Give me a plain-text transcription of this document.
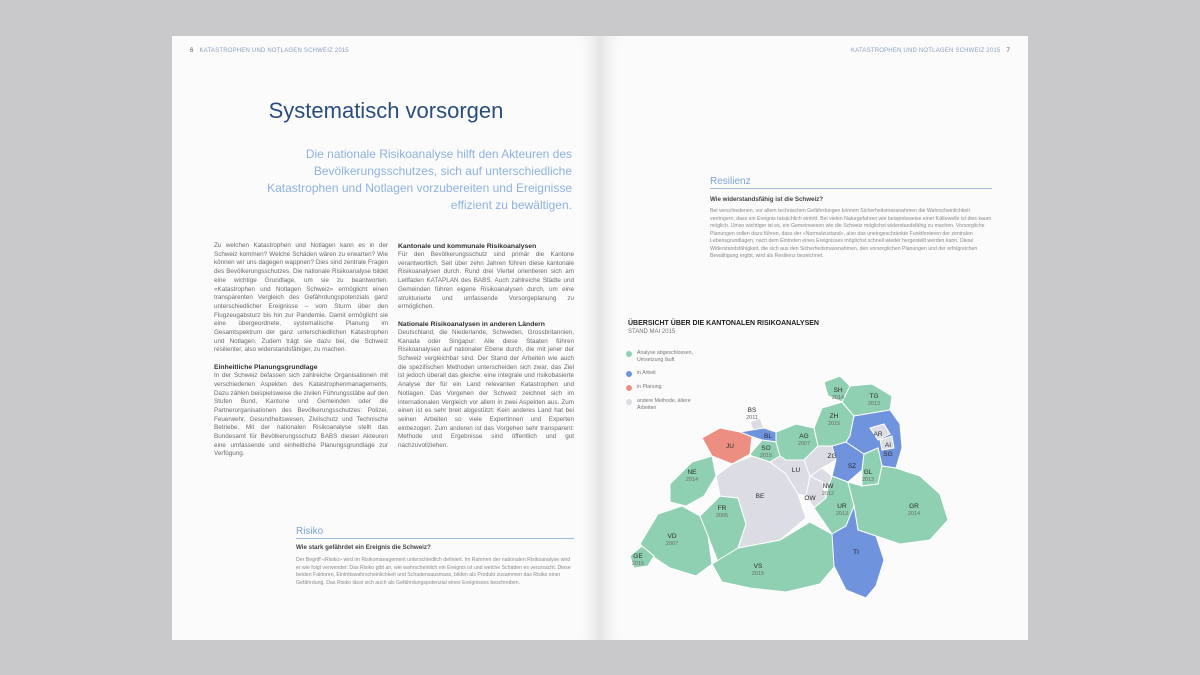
6 KATASTROPHEN UND NOTLAGEN SCHWEIZ 2015
Systematisch vorsorgen
Die nationale Risikoanalyse hilft den Akteuren des Bevölkerungsschutzes, sich auf unterschiedliche Katastrophen und Notlagen vorzubereiten und Ereignisse effizient zu bewältigen.

Zu welchen Katastrophen und Notlagen kann es in der Schweiz kommen? Welche Schäden wären zu erwarten? Wie können wir uns dagegen wappnen? Dies sind zentrale Fragen des Bevölkerungsschutzes. Die nationale Risikoanalyse bildet eine wichtige Grundlage, um sie zu beantworten. «Katastrophen und Notlagen Schweiz» ermöglicht einen transparenten Vergleich des Gefährdungspotenzials ganz unterschiedlicher Ereignisse – vom Sturm über den Flugzeugabsturz bis hin zur Pandemie. Damit ermöglicht sie eine übergeordnete, systematische Planung im Gesamtspektrum der ganz unterschiedlichen Katastrophen und Notlagen. Zudem trägt sie dazu bei, die Schweiz resilienter, also widerstandsfähiger, zu machen.

Einheitliche Planungsgrundlage

In der Schweiz befassen sich zahlreiche Organisationen mit verschiedenen Aspekten des Katastrophenmanagements. Dazu zählen beispielsweise die zivilen Führungsstäbe auf den Stufen Bund, Kantone und Gemeinden oder die Partnerorganisationen des Bevölkerungsschutzes: Polizei, Feuerwehr, Gesundheitswesen, Zivilschutz und Technische Betriebe. Mit der nationalen Risikoanalyse stellt das Bundesamt für Bevölkerungsschutz BABS diesen Akteuren eine umfassende und einheitliche Planungsgrundlage zur Verfügung.

Kantonale und kommunale Risikoanalysen

Für den Bevölkerungsschutz sind primär die Kantone verantwortlich. Seit über zehn Jahren führen diese kantonale Risikoanalysen durch. Rund drei Viertel orientieren sich am Leitfaden KATAPLAN des BABS. Auch zahlreiche Städte und Gemeinden führen eigene Risikoanalysen durch, um eine strukturierte und umfassende Vorsorgeplanung zu ermöglichen.

Nationale Risikoanalysen in anderen Ländern

Deutschland, die Niederlande, Schweden, Grossbritannien, Kanada oder Singapur: Alle diese Staaten führen Risikoanalysen auf nationaler Ebene durch, die mit jener der Schweiz vergleichbar sind. Der Stand der Arbeiten wie auch die spezifischen Methoden unterscheiden sich zwar, das Ziel ist jedoch überall das gleiche: eine integrale und risikobasierte Analyse der für ein Land relevanten Katastrophen und Notlagen. Das Vorgehen der Schweiz zeichnet sich im internationalen Vergleich vor allem in zwei Aspekten aus. Zum einen ist es sehr breit abgestützt: Kein anderes Land hat bei seinen Arbeiten so viele Expertinnen und Experten einbezogen. Zum anderen ist das Vorgehen sehr transparent: Methode und Ergebnisse sind öffentlich und gut nachzuvollziehen.

Risiko
Wie stark gefährdet ein Ereignis die Schweiz?
Der Begriff «Risiko» wird im Risikomanagement unterschiedlich definiert. Im Rahmen der nationalen Risikoanalyse wird er wie folgt verwendet: Das Risiko gibt an, wie wahrscheinlich ein Ereignis ist und welche Schäden es verursacht. Diese beiden Faktoren, Eintrittswahrscheinlichkeit und Schadensausmass, bilden als Produkt zusammen das Risiko einer Gefährdung. Das Risiko lässt sich auch als Gefährdungspotenzial eines Ereignisses beschreiben.
KATASTROPHEN UND NOTLAGEN SCHWEIZ 2015 7
Resilienz
Wie widerstandsfähig ist die Schweiz?
Bei verschiedenen, vor allem technischen Gefährdungen können Sicherheitsmassnahmen die Wahrscheinlichkeit verringern, dass ein Ereignis tatsächlich eintritt. Bei vielen Naturgefahren wie beispielsweise einer Kältewelle ist dies kaum möglich. Umso wichtiger ist es, ein Gemeinwesen wie die Schweiz möglichst widerstandsfähig zu machen. Vorsorgliche Planungen sollen dazu führen, dass der «Normalzustand», also das uneingeschränkte Funktionieren der zentralen Lebensgrundlagen, nach dem Eintreten eines Ereignisses möglichst schnell wieder hergestellt werden kann. Diese Widerstandsfähigkeit, die sich aus den Sicherheitsmassnahmen, den vorsorglichen Planungen und der erfolgreichen Bewältigung ergibt, wird als Resilienz bezeichnet.
ÜBERSICHT ÜBER DIE KANTONALEN RISIKOANALYSEN
STAND MAI 2015
Analyse abgeschlossen, Umsetzung läuft
in Arbeit
in Planung
andere Methode, ältere Arbeiten
GE
VD
NE
FR
BE
VS
JU	SO
BS
BL	AG
LU
OW
NW
ZG
SZ
UR
TI
ZH
SH
TG
SG
AR
AI
GL
GR
2015
2007
2014
2005
2015
2015
2011
2007
2012
2013
2015
2014
2013
2013
2014
